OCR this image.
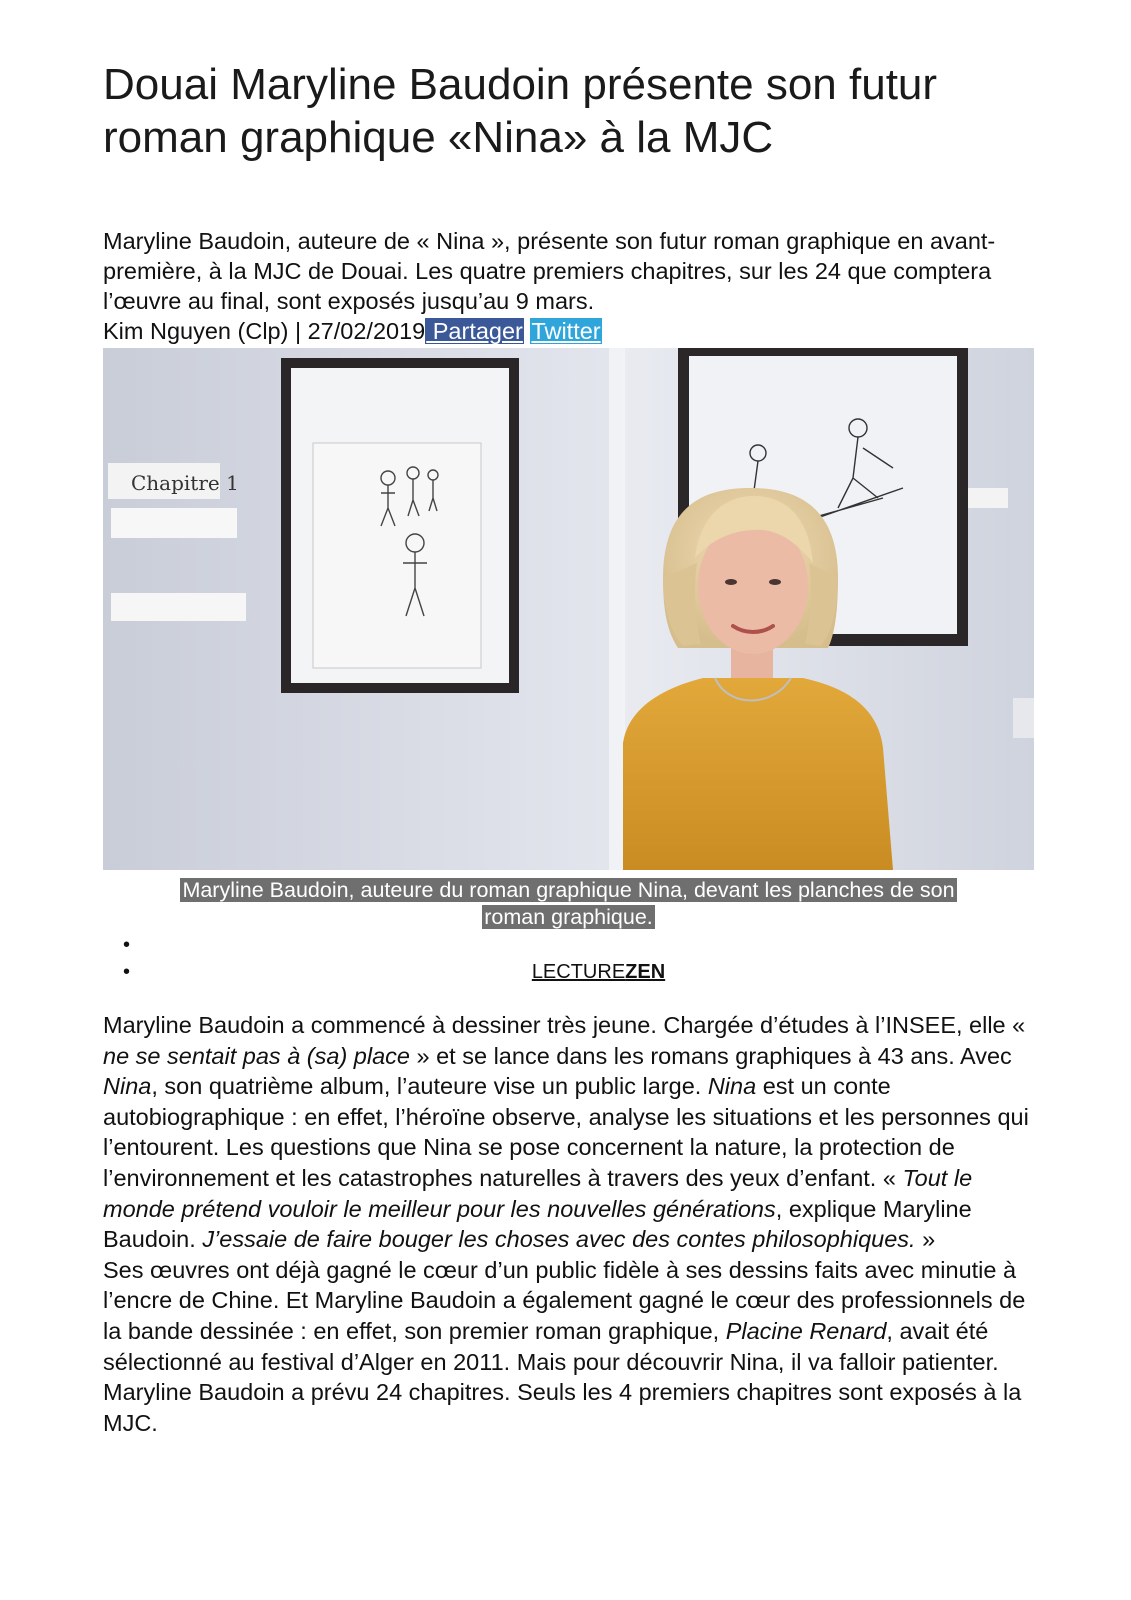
Douai Maryline Baudoin présente son futur roman graphique «Nina» à la MJC

Maryline Baudoin, auteure de « Nina », présente son futur roman graphique en avant-première, à la MJC de Douai. Les quatre premiers chapitres, sur les 24 que comptera l’œuvre au final, sont exposés jusqu’au 9 mars.

Kim Nguyen (Clp) | 27/02/2019 Partager Twitter

Chapitre 1
Maryline Baudoin, auteure du roman graphique Nina, devant les planches de son
roman graphique.
•
•	LECTUREZEN

Maryline Baudoin a commencé à dessiner très jeune. Chargée d’études à l’INSEE, elle « ne se sentait pas à (sa) place » et se lance dans les romans graphiques à 43 ans. Avec Nina, son quatrième album, l’auteure vise un public large. Nina est un conte autobiographique : en effet, l’héroïne observe, analyse les situations et les personnes qui l’entourent. Les questions que Nina se pose concernent la nature, la protection de l’environnement et les catastrophes naturelles à travers des yeux d’enfant. « Tout le monde prétend vouloir le meilleur pour les nouvelles générations, explique Maryline Baudoin. J’essaie de faire bouger les choses avec des contes philosophiques. »

Ses œuvres ont déjà gagné le cœur d’un public fidèle à ses dessins faits avec minutie à l’encre de Chine. Et Maryline Baudoin a également gagné le cœur des professionnels de la bande dessinée : en effet, son premier roman graphique, Placine Renard, avait été sélectionné au festival d’Alger en 2011. Mais pour découvrir Nina, il va falloir patienter. Maryline Baudoin a prévu 24 chapitres. Seuls les 4 premiers chapitres sont exposés à la MJC.
